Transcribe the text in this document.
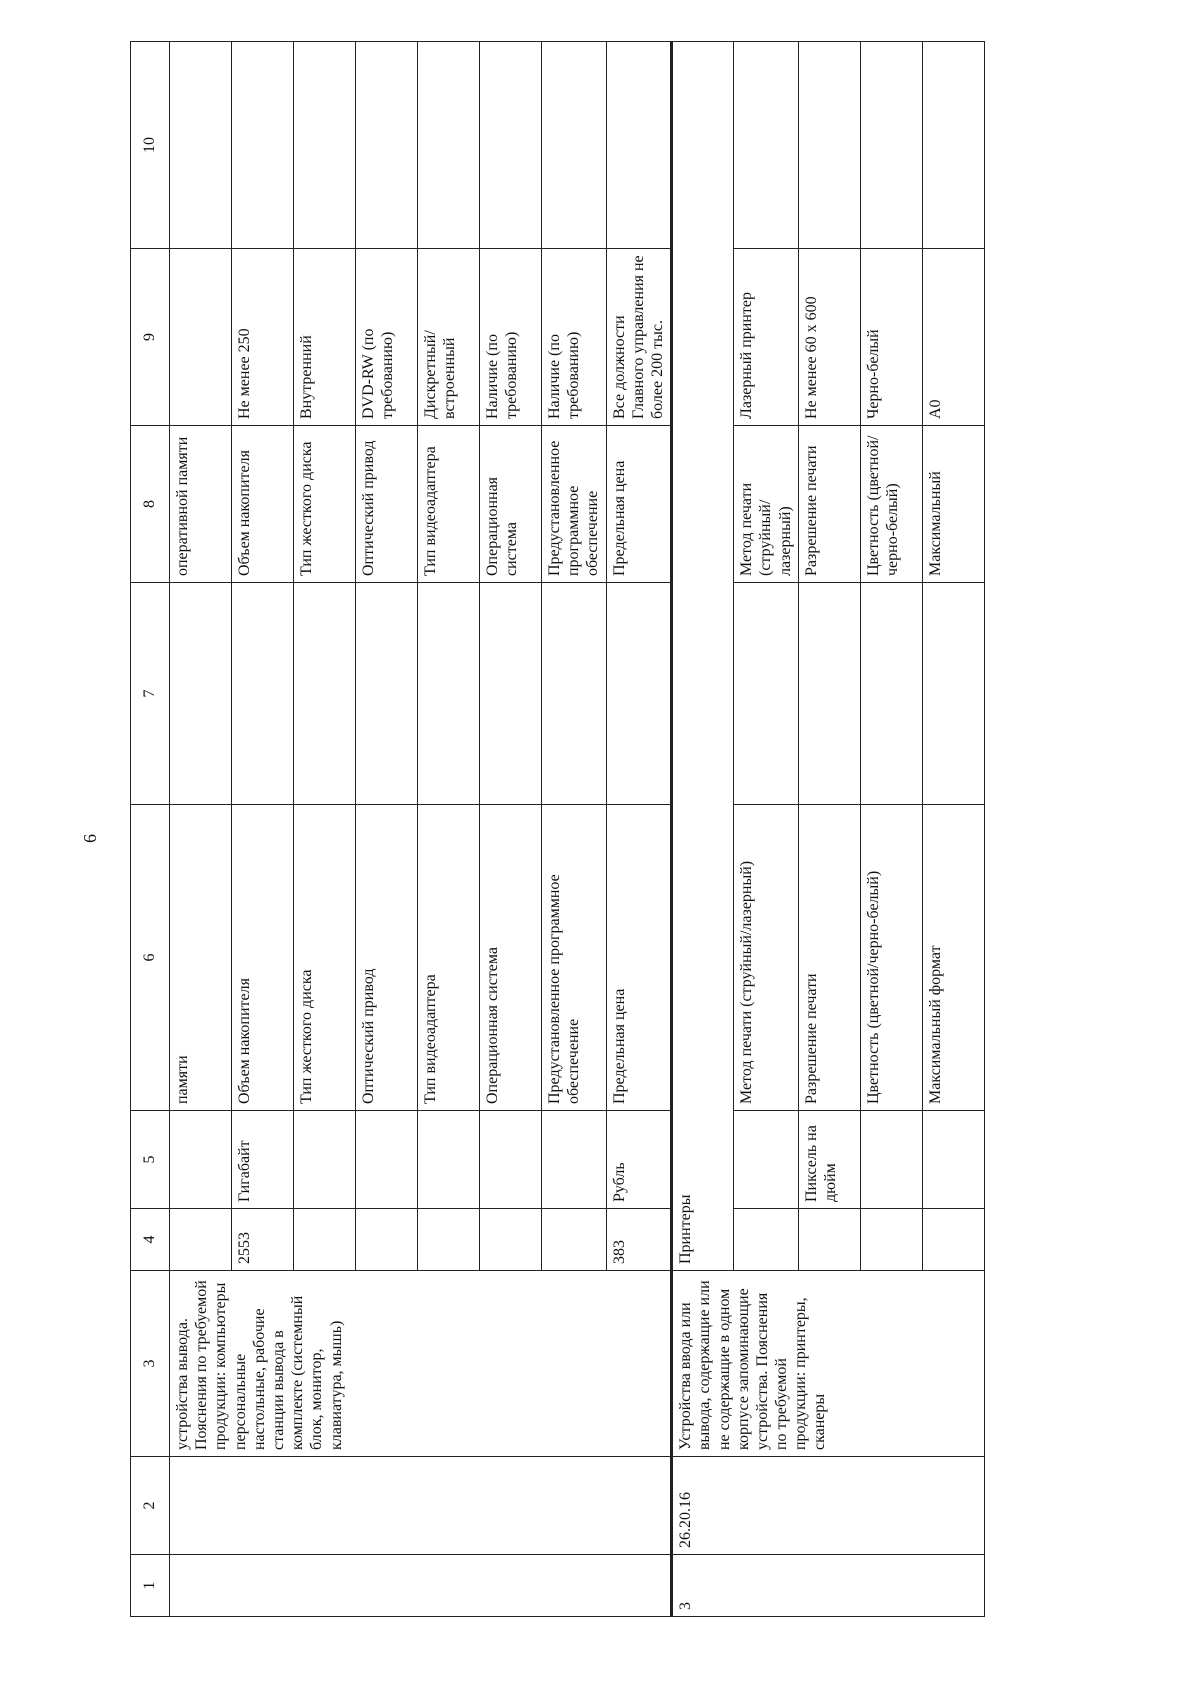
6
1	2	3	4	5	6	7	8	9	10
		устройства вывода. Пояснения по требуемой продукции: компьютеры персональные настольные, рабочие станции вывода в комплекте (системный блок, монитор, клавиатура, мышь)			памяти		оперативной памяти		
			2553	Гигабайт	Объем накопителя		Объем накопителя	Не менее 250	
					Тип жесткого диска		Тип жесткого диска	Внутренний	
					Оптический привод		Оптический привод	DVD-RW (по требованию)	
					Тип видеоадаптера		Тип видеоадаптера	Дискретный/встроенный	
					Операционная система		Операционная система	Наличие (по требованию)	
					Предустановленное программное обеспечение		Предустановленное программное обеспечение	Наличие (по требованию)	
			383	Рубль	Предельная цена		Предельная цена	Все должности Главного управления не более 200 тыс.	
3	26.20.16	Устройства ввода или вывода, содержащие или не содержащие в одном корпусе запоминающие устройства. Пояснения по требуемой продукции: принтеры, сканеры	Принтеры						
					Метод печати (струйный/лазерный)		Метод печати (струйный/лазерный)	Лазерный принтер	
				Пиксель на дюйм	Разрешение печати		Разрешение печати	Не менее 60 x 600	
					Цветность (цветной/черно-белый)		Цветность (цветной/черно-белый)	Черно-белый	
					Максимальный формат		Максимальный	А0	
